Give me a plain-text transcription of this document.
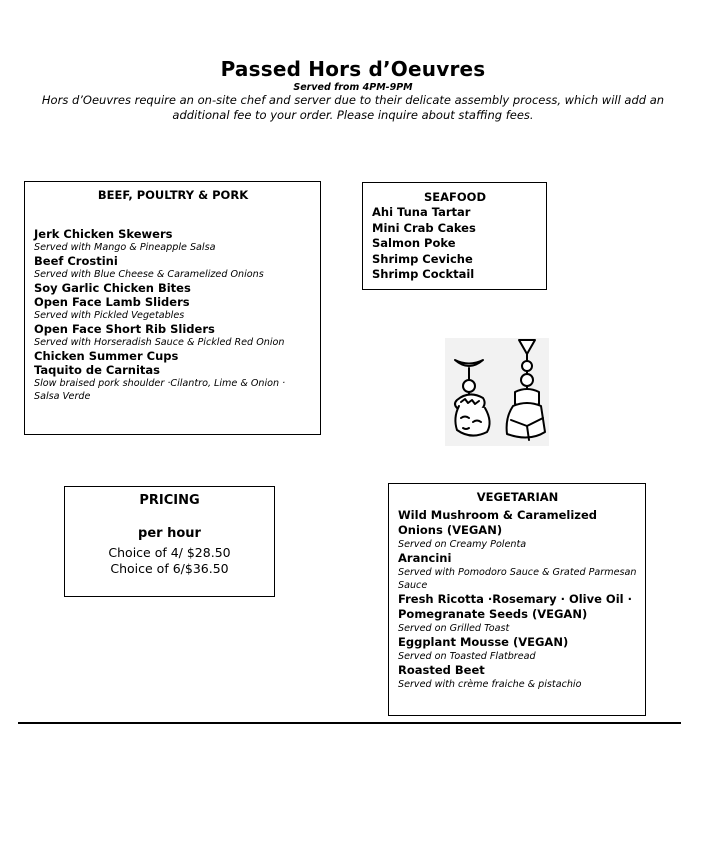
Passed Hors d’Oeuvres
Served from 4PM-9PM
Hors d’Oeuvres require an on-site chef and server due to their delicate assembly process, which will add an additional fee to your order. Please inquire about staffing fees.
BEEF, POULTRY & PORK
Jerk Chicken Skewers
Served with Mango & Pineapple Salsa
Beef Crostini
Served with Blue Cheese & Caramelized Onions
Soy Garlic Chicken Bites
Open Face Lamb Sliders
Served with Pickled Vegetables
Open Face Short Rib Sliders
Served with Horseradish Sauce & Pickled Red Onion
Chicken Summer Cups
Taquito de Carnitas
Slow braised pork shoulder ·Cilantro, Lime & Onion · Salsa Verde
SEAFOOD
Ahi Tuna Tartar
Mini Crab Cakes
Salmon Poke
Shrimp Ceviche
Shrimp Cocktail
PRICING
per hour
Choice of 4/ $28.50
Choice of 6/$36.50
VEGETARIAN
Wild Mushroom & Caramelized Onions (VEGAN)
Served on Creamy Polenta
Arancini
Served with Pomodoro Sauce & Grated Parmesan Sauce
Fresh Ricotta ·Rosemary · Olive Oil · Pomegranate Seeds (VEGAN)
Served on Grilled Toast
Eggplant Mousse (VEGAN)
Served on Toasted Flatbread
Roasted Beet
Served with crème fraiche & pistachio
